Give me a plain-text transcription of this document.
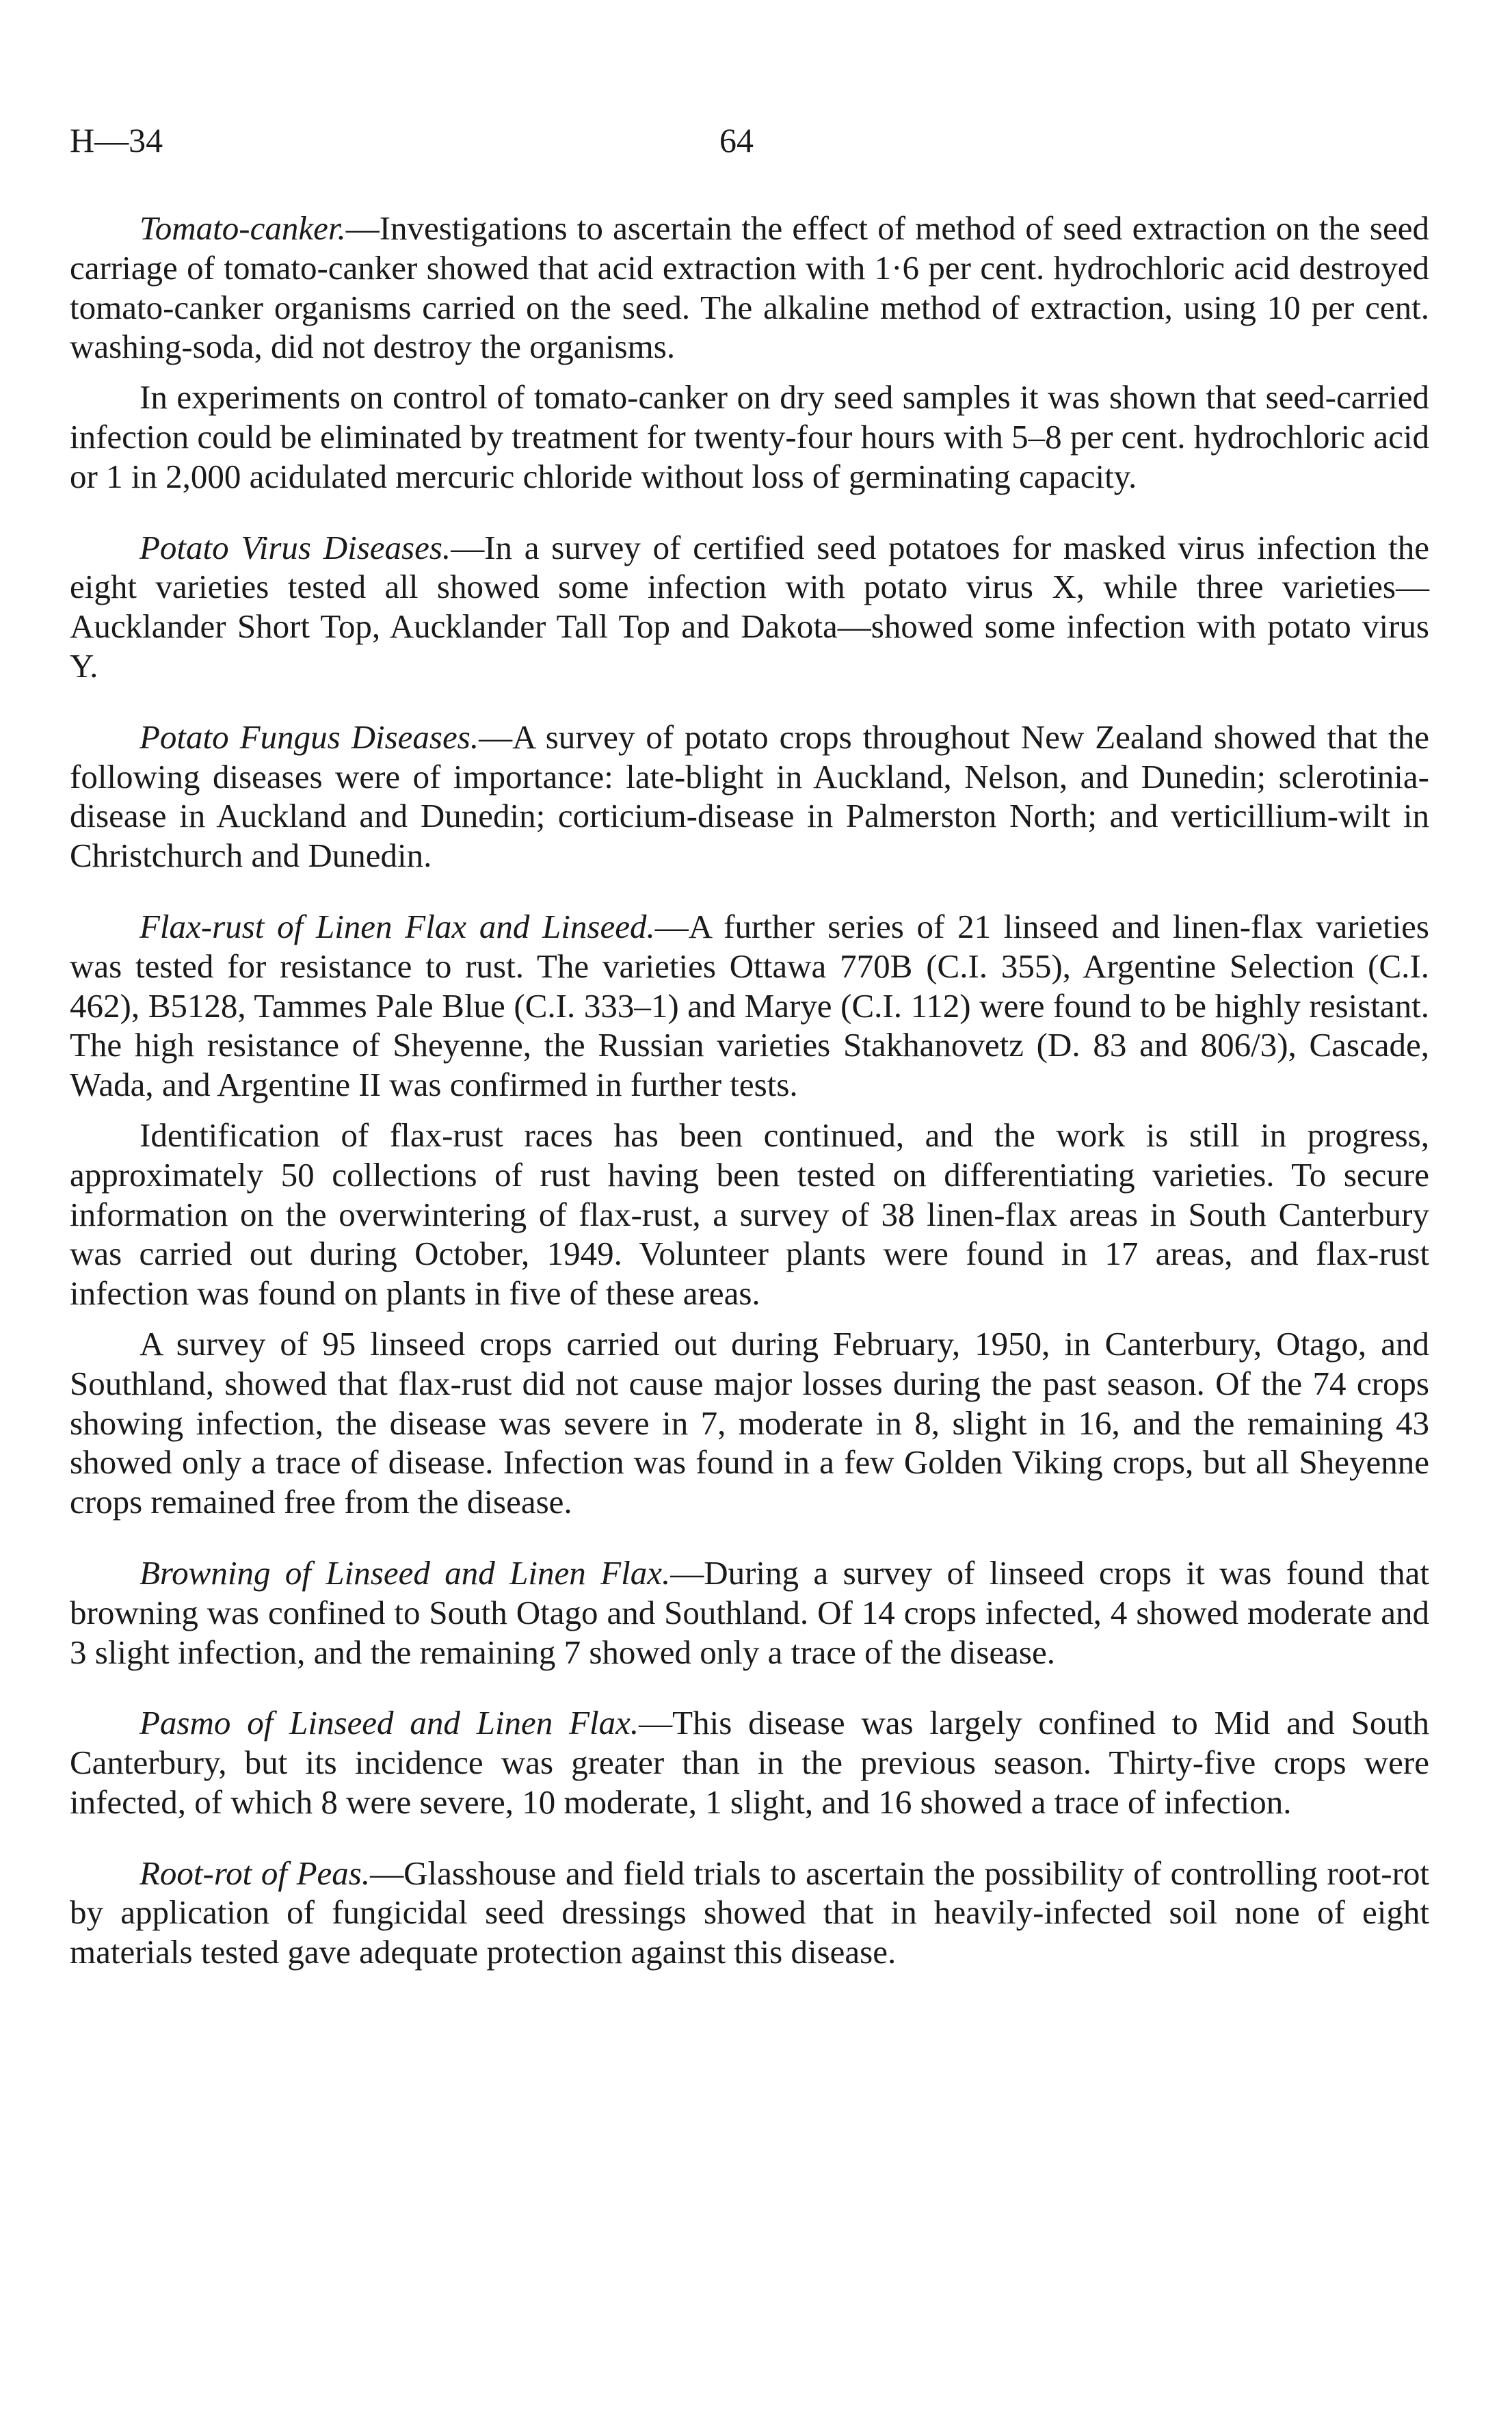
H—34	64

Tomato-canker.—Investigations to ascertain the effect of method of seed extraction on the seed carriage of tomato-canker showed that acid extraction with 1·6 per cent. hydrochloric acid destroyed tomato-canker organisms carried on the seed. The alkaline method of extraction, using 10 per cent. washing-soda, did not destroy the organisms.

In experiments on control of tomato-canker on dry seed samples it was shown that seed-carried infection could be eliminated by treatment for twenty-four hours with 5–8 per cent. hydrochloric acid or 1 in 2,000 acidulated mercuric chloride without loss of germinating capacity.

Potato Virus Diseases.—In a survey of certified seed potatoes for masked virus infection the eight varieties tested all showed some infection with potato virus X, while three varieties—Aucklander Short Top, Aucklander Tall Top and Dakota—showed some infection with potato virus Y.

Potato Fungus Diseases.—A survey of potato crops throughout New Zealand showed that the following diseases were of importance: late-blight in Auckland, Nelson, and Dunedin; sclerotinia-disease in Auckland and Dunedin; corticium-disease in Palmerston North; and verticillium-wilt in Christchurch and Dunedin.

Flax-rust of Linen Flax and Linseed.—A further series of 21 linseed and linen-flax varieties was tested for resistance to rust. The varieties Ottawa 770B (C.I. 355), Argentine Selection (C.I. 462), B5128, Tammes Pale Blue (C.I. 333–1) and Marye (C.I. 112) were found to be highly resistant. The high resistance of Sheyenne, the Russian varieties Stakhanovetz (D. 83 and 806/3), Cascade, Wada, and Argentine II was confirmed in further tests.

Identification of flax-rust races has been continued, and the work is still in progress, approximately 50 collections of rust having been tested on differentiating varieties. To secure information on the overwintering of flax-rust, a survey of 38 linen-flax areas in South Canterbury was carried out during October, 1949. Volunteer plants were found in 17 areas, and flax-rust infection was found on plants in five of these areas.

A survey of 95 linseed crops carried out during February, 1950, in Canterbury, Otago, and Southland, showed that flax-rust did not cause major losses during the past season. Of the 74 crops showing infection, the disease was severe in 7, moderate in 8, slight in 16, and the remaining 43 showed only a trace of disease. Infection was found in a few Golden Viking crops, but all Sheyenne crops remained free from the disease.

Browning of Linseed and Linen Flax.—During a survey of linseed crops it was found that browning was confined to South Otago and Southland. Of 14 crops infected, 4 showed moderate and 3 slight infection, and the remaining 7 showed only a trace of the disease.

Pasmo of Linseed and Linen Flax.—This disease was largely confined to Mid and South Canterbury, but its incidence was greater than in the previous season. Thirty-five crops were infected, of which 8 were severe, 10 moderate, 1 slight, and 16 showed a trace of infection.

Root-rot of Peas.—Glasshouse and field trials to ascertain the possibility of controlling root-rot by application of fungicidal seed dressings showed that in heavily-infected soil none of eight materials tested gave adequate protection against this disease.
